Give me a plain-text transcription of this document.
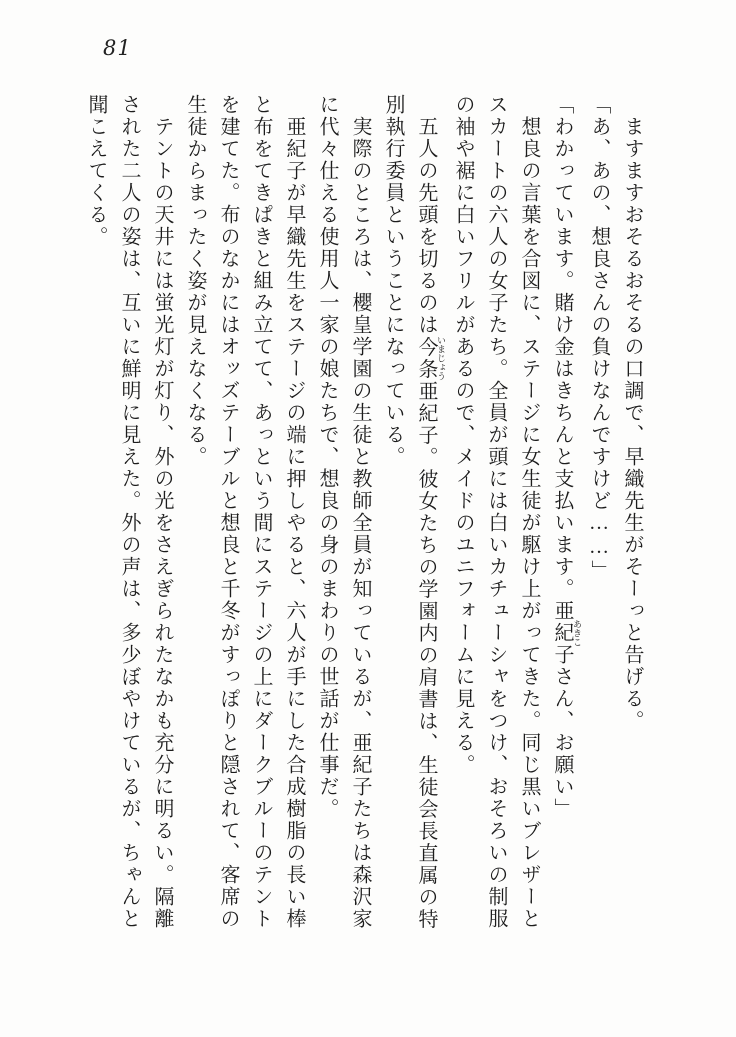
81
ますますおそるおそるの口調で、早織先生がそーっと告げる。
「あ、あの、想良さんの負けなんですけど……」
「わかっています。賭け金はきちんと支払います。亜紀子 あきこさん、お願い」
想良の言葉を合図に、ステージに女生徒が駆け上がってきた。同じ黒いブレザーと
スカートの六人の女子たち。全員が頭には白いカチューシャをつけ、おそろいの制服
の袖や裾に白いフリルがあるので、メイドのユニフォームに見える。
五人の先頭を切るのは今条 いまじょう亜紀子。彼女たちの学園内の肩書は、生徒会長直属の特
別執行委員ということになっている。
実際のところは、櫻皇学園の生徒と教師全員が知っているが、亜紀子たちは森沢家
に代々仕える使用人一家の娘たちで、想良の身のまわりの世話が仕事だ。
亜紀子が早織先生をステージの端に押しやると、六人が手にした合成樹脂の長い棒
と布をてきぱきと組み立てて、あっという間にステージの上にダークブルーのテント
を建てた。布のなかにはオッズテーブルと想良と千冬がすっぽりと隠されて、客席の
生徒からまったく姿が見えなくなる。
テントの天井には蛍光灯が灯り、外の光をさえぎられたなかも充分に明るい。隔離
された二人の姿は、互いに鮮明に見えた。外の声は、多少ぼやけているが、ちゃんと
聞こえてくる。
